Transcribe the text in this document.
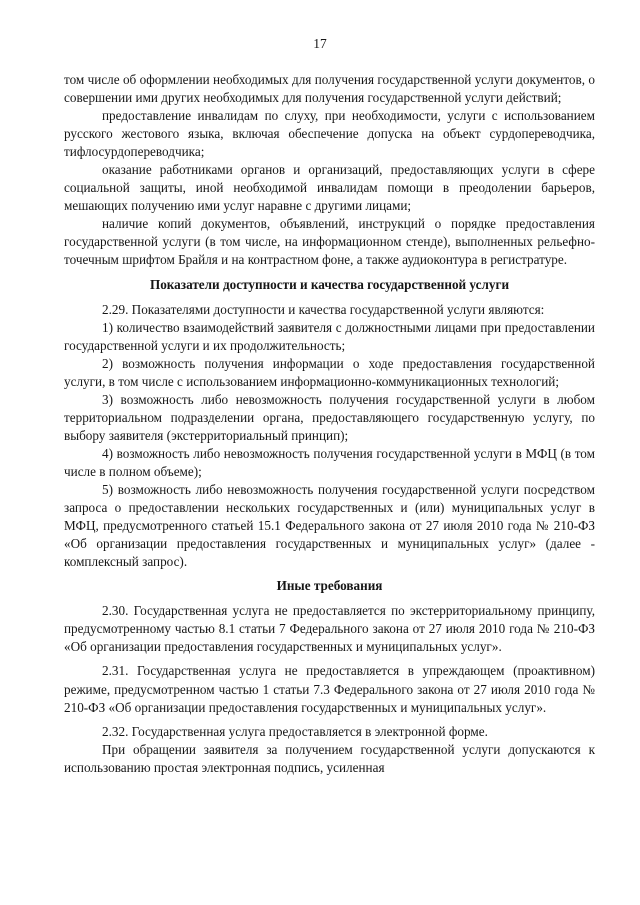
17

том числе об оформлении необходимых для получения государственной услуги документов, о совершении ими других необходимых для получения государственной услуги действий;

предоставление инвалидам по слуху, при необходимости, услуги с использованием русского жестового языка, включая обеспечение допуска на объект сурдопереводчика, тифлосурдопереводчика;

оказание работниками органов и организаций, предоставляющих услуги в сфере социальной защиты, иной необходимой инвалидам помощи в преодолении барьеров, мешающих получению ими услуг наравне с другими лицами;

наличие копий документов, объявлений, инструкций о порядке предоставления государственной услуги (в том числе, на информационном стенде), выполненных рельефно-точечным шрифтом Брайля и на контрастном фоне, а также аудиоконтура в регистратуре.

Показатели доступности и качества государственной услуги

2.29. Показателями доступности и качества государственной услуги являются:

1) количество взаимодействий заявителя с должностными лицами при предоставлении государственной услуги и их продолжительность;

2) возможность получения информации о ходе предоставления государственной услуги, в том числе с использованием информационно-коммуникационных технологий;

3) возможность либо невозможность получения государственной услуги в любом территориальном подразделении органа, предоставляющего государственную услугу, по выбору заявителя (экстерриториальный принцип);

4) возможность либо невозможность получения государственной услуги в МФЦ (в том числе в полном объеме);

5) возможность либо невозможность получения государственной услуги посредством запроса о предоставлении нескольких государственных и (или) муниципальных услуг в МФЦ, предусмотренного статьей 15.1 Федерального закона от 27 июля 2010 года № 210-ФЗ «Об организации предоставления государственных и муниципальных услуг» (далее - комплексный запрос).

Иные требования

2.30. Государственная услуга не предоставляется по экстерриториальному принципу, предусмотренному частью 8.1 статьи 7 Федерального закона от 27 июля 2010 года № 210-ФЗ «Об организации предоставления государственных и муниципальных услуг».

2.31. Государственная услуга не предоставляется в упреждающем (проактивном) режиме, предусмотренном частью 1 статьи 7.3 Федерального закона от 27 июля 2010 года № 210-ФЗ «Об организации предоставления государственных и муниципальных услуг».

2.32. Государственная услуга предоставляется в электронной форме.

При обращении заявителя за получением государственной услуги допускаются к использованию простая электронная подпись, усиленная
